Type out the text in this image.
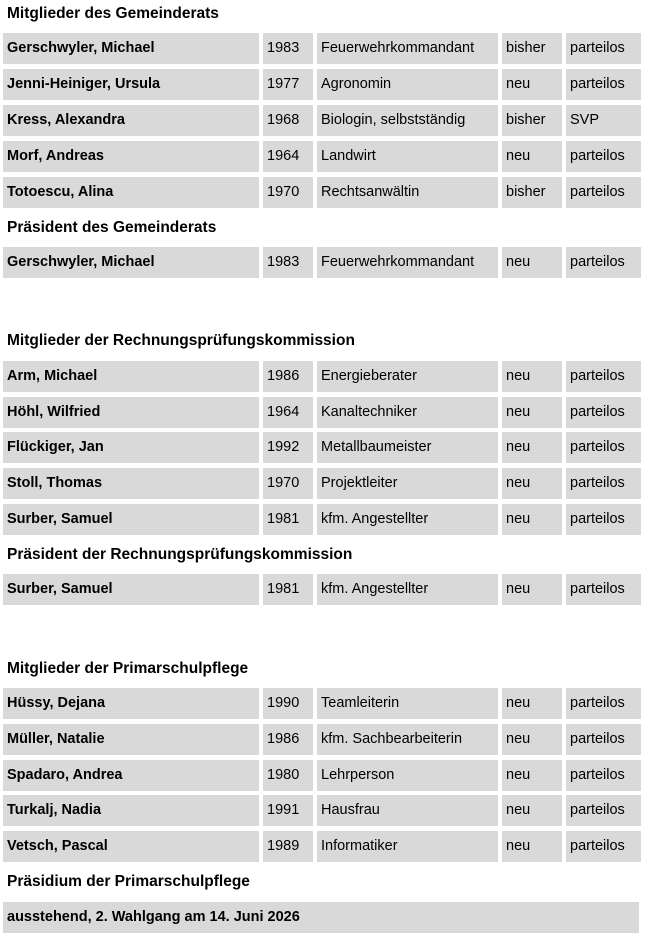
Mitglieder des Gemeinderats
Gerschwyler, Michael	1983	Feuerwehrkommandant	bisher	parteilos
Jenni-Heiniger, Ursula	1977	Agronomin	neu	parteilos
Kress, Alexandra	1968	Biologin, selbstständig	bisher	SVP
Morf, Andreas	1964	Landwirt	neu	parteilos
Totoescu, Alina	1970	Rechtsanwältin	bisher	parteilos
Präsident des Gemeinderats
Gerschwyler, Michael	1983	Feuerwehrkommandant	neu	parteilos
Mitglieder der Rechnungsprüfungskommission
Arm, Michael	1986	Energieberater	neu	parteilos
Höhl, Wilfried	1964	Kanaltechniker	neu	parteilos
Flückiger, Jan	1992	Metallbaumeister	neu	parteilos
Stoll, Thomas	1970	Projektleiter	neu	parteilos
Surber, Samuel	1981	kfm. Angestellter	neu	parteilos
Präsident der Rechnungsprüfungskommission
Surber, Samuel	1981	kfm. Angestellter	neu	parteilos
Mitglieder der Primarschulpflege
Hüssy, Dejana	1990	Teamleiterin	neu	parteilos
Müller, Natalie	1986	kfm. Sachbearbeiterin	neu	parteilos
Spadaro, Andrea	1980	Lehrperson	neu	parteilos
Turkalj, Nadia	1991	Hausfrau	neu	parteilos
Vetsch, Pascal	1989	Informatiker	neu	parteilos
Präsidium der Primarschulpflege
ausstehend, 2. Wahlgang am 14. Juni 2026
